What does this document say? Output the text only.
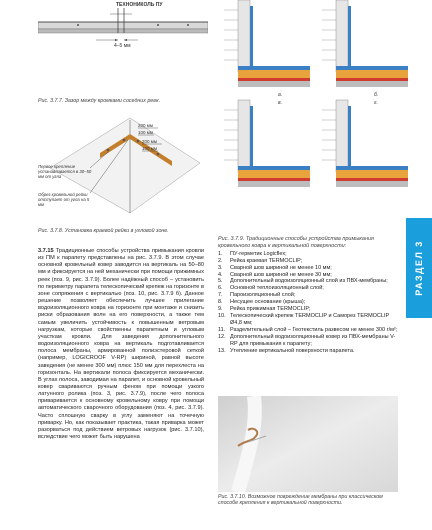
ТЕХНОНИКОЛЬ ПУ
4–5 мм
Рис. 3.7.7. Зазор между кромками соседних реек.
200 мм
100 мм
200 мм
100 мм
Первое крепление устанавливается в 30–50 мм от угла
Обрез кровельной рейки отступает от угла на 5 мм
Рис. 3.7.8. Установка краевой рейки в угловой зоне.

3.7.15 Традиционные способы устройства примыкания кровли из ПМ к парапету представлены на рис. 3.7.9. В этом случае основной кровельный ковер заводится на вертикаль на 50–80 мм и фиксируется на ней механически при помощи прижимных реек (поз. 9, рис. 3.7.9). Более надёжный способ – установить по периметру парапета телескопический крепеж на горизонте в зоне сопряжения с вертикалью (поз. 10, рис. 3.7.9 б). Данное решение позволяет обеспечить лучшее прилегание водоизоляционного ковра на горизонте при монтаже и снизить риски образования волн на его поверхности, а также тем самым увеличить устойчивость к повышенным ветровым нагрузкам, которые свойственны парапетным и угловым участкам кровли. Для заведения дополнительного водоизоляционного ковра на вертикаль подготавливается полоса мембраны, армированной полиэстеровой сеткой (например, LOGICROOF V-RP) шириной, равной высоте заведения (не менее 300 мм) плюс 150 мм для перехлеста на горизонталь. На вертикали полоса фиксируется механически. В углах полоса, заводимая на парапет, и основной кровельный ковер свариваются ручным феном при помощи узкого латунного ролика (поз. 3, рис. 3.7.9), после чего полоса приваривается к основному кровельному ковру при помощи автоматического сварочного оборудования (поз. 4, рис. 3.7.9). Часто сплошную сварку в углу заменяют на точечную приварку. Но, как показывает практика, такая приварка может разорваться под действием ветровых нагрузок (рис. 3.7.10), вследствие чего может быть нарушена

а.	б.
в.	г.
Рис. 3.7.9. Традиционные способы устройства примыкания кровельного ковра к вертикальной поверхности:
1. ПУ-герметик Logicflex;
2. Рейка краевая TERMOCLIP;
3. Сварной шов шириной не менее 10 мм;
4. Сварной шов шириной не менее 30 мм;
5. Дополнительный водоизоляционный слой из ПВХ-мембраны;
6. Основной теплоизоляционный слой;
7. Пароизоляционный слой;
8. Несущее основание (крыша);
9. Рейка прижимная TERMOCLIP;
10. Телескопический крепеж TERMOCLIP и Саморез TERMOCLIP Ø4,8 мм;
11. Разделительный слой – Геотекстиль развесом не менее 300 г/м²;
12. Дополнительный водоизоляционный ковер из ПВХ-мембраны V-RP для примыкания к парапету;
13. Утепление вертикальной поверхности парапета.
Рис. 3.7.10. Возможное повреждение мембраны при классическом способе крепления к вертикальной поверхности.
РАЗДЕЛ 3
